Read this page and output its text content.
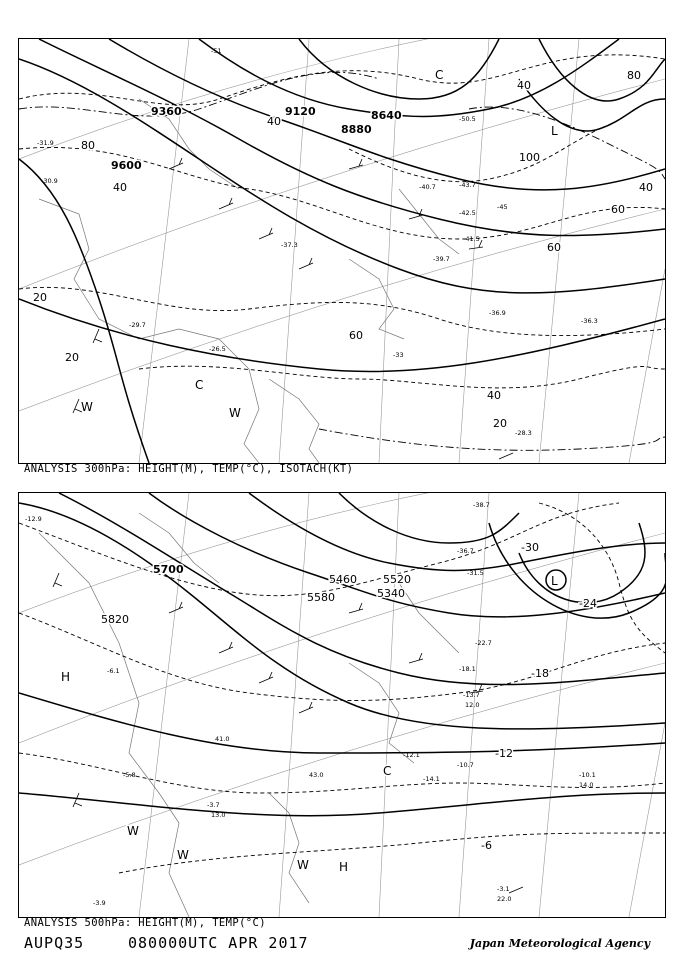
9360	9120
8880
8640
9600
20
20
40
40
40
40
60
60
60
80
80
100
20
40
C
C
L
W	W
-33
-36.9
-36.3
-28.3
-29.7
-26.5
-37.3
-39.7
-40.7
-41.5
-42.5
-43.7
-45
-51
-50.5
-31.9
-30.9
ANALYSIS 300hPa: HEIGHT(M), TEMP(°C), ISOTACH(KT)
5700
5820
5460 5520
5580	5340
-30
-24
-18
-12
-6
H
H
L
C
W
W
W
-38.7
-36.7
-31.5
-22.7
-18.1
-13.7
-12.1
-14.1
-10.7
-10.1
-3.7
-3.1
-5.8
-3.9
-12.9
-6.1
13.0
22.0
14.0
12.0
43.0
41.0
ANALYSIS 500hPa: HEIGHT(M), TEMP(°C)
AUPQ35	080000UTC APR 2017	Japan Meteorological Agency
